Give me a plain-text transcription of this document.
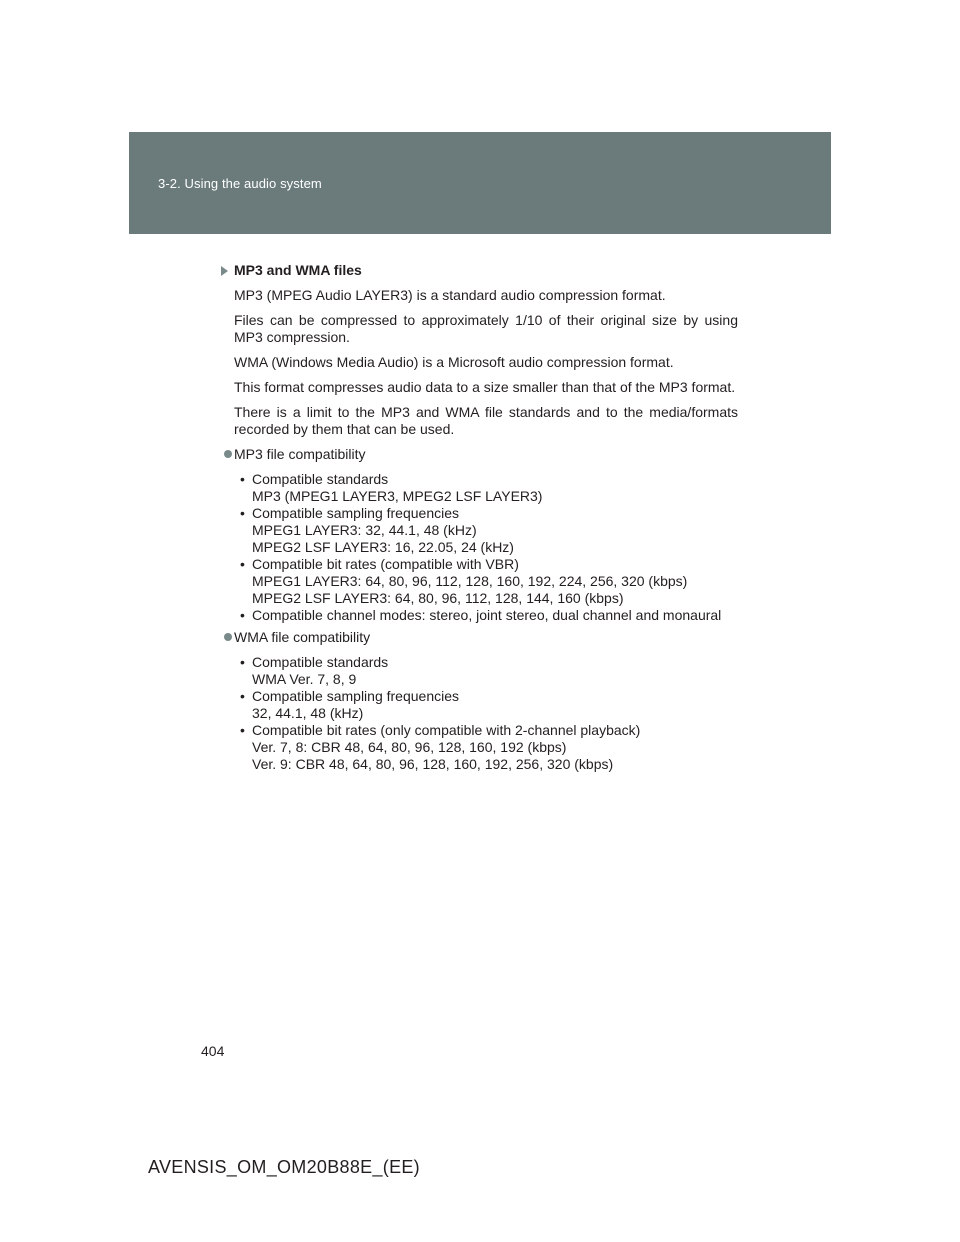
3-2. Using the audio system
MP3 and WMA files

MP3 (MPEG Audio LAYER3) is a standard audio compression format.

Files can be compressed to approximately 1/10 of their original size by using MP3 compression.

WMA (Windows Media Audio) is a Microsoft audio compression format.

This format compresses audio data to a size smaller than that of the MP3 format.

There is a limit to the MP3 and WMA file standards and to the media/formats recorded by them that can be used.

MP3 file compatibility
• Compatible standards
MP3 (MPEG1 LAYER3, MPEG2 LSF LAYER3)
• Compatible sampling frequencies
MPEG1 LAYER3: 32, 44.1, 48 (kHz)
MPEG2 LSF LAYER3: 16, 22.05, 24 (kHz)
• Compatible bit rates (compatible with VBR)
MPEG1 LAYER3: 64, 80, 96, 112, 128, 160, 192, 224, 256, 320 (kbps)
MPEG2 LSF LAYER3: 64, 80, 96, 112, 128, 144, 160 (kbps)
• Compatible channel modes: stereo, joint stereo, dual channel and monaural
WMA file compatibility
• Compatible standards
WMA Ver. 7, 8, 9
• Compatible sampling frequencies
32, 44.1, 48 (kHz)
• Compatible bit rates (only compatible with 2-channel playback)
Ver. 7, 8: CBR 48, 64, 80, 96, 128, 160, 192 (kbps)
Ver. 9: CBR 48, 64, 80, 96, 128, 160, 192, 256, 320 (kbps)
404
AVENSIS_OM_OM20B88E_(EE)
